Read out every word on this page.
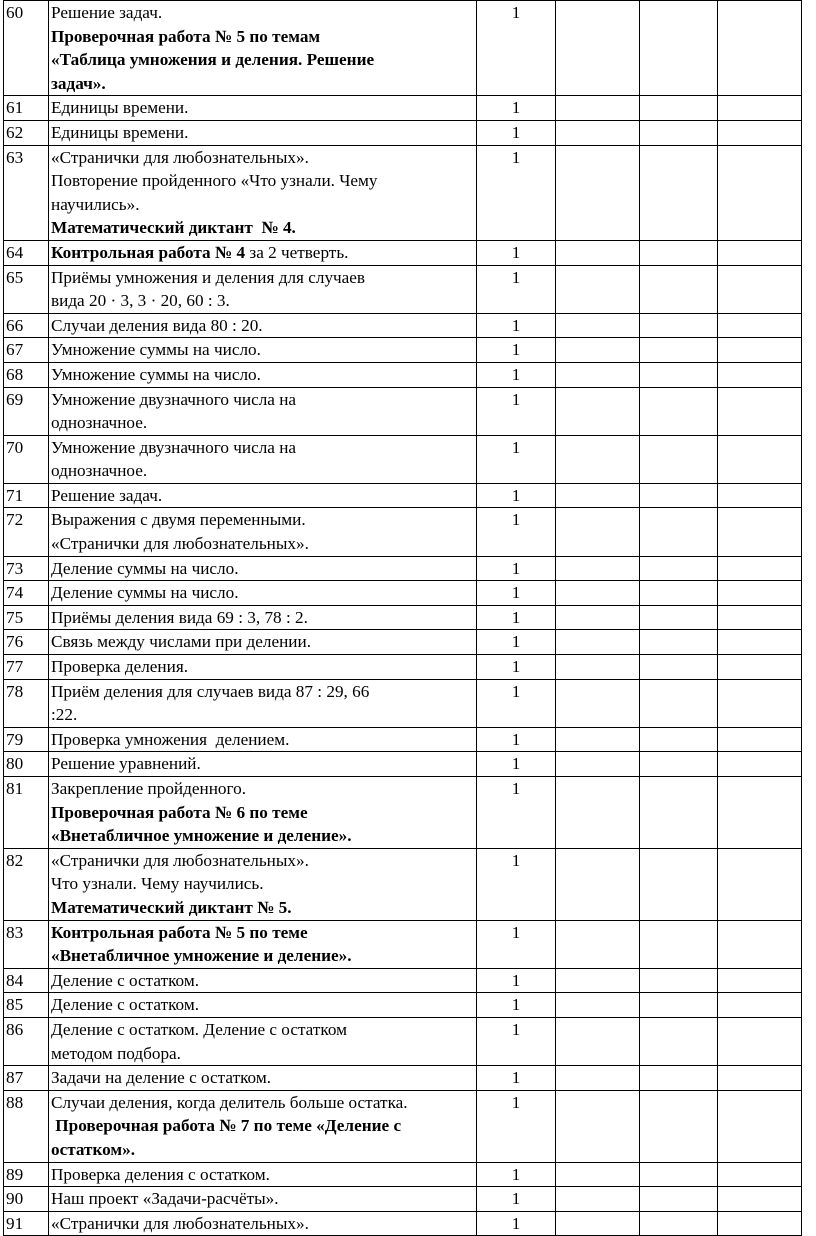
60	Решение задач.
Проверочная работа № 5 по темам
«Таблица умножения и деления. Решение
задач».	1			
61	Единицы времени.	1			
62	Единицы времени.	1			
63	«Странички для любознательных».
Повторение пройденного «Что узнали. Чему
научились».
Математический диктант  № 4.	1			
64	Контрольная работа № 4 за 2 четверть.	1			
65	Приёмы умножения и деления для случаев
вида 20 · 3, 3 · 20, 60 : 3.	1			
66	Случаи деления вида 80 : 20.	1			
67	Умножение суммы на число.	1			
68	Умножение суммы на число.	1			
69	Умножение двузначного числа на
однозначное.	1			
70	Умножение двузначного числа на
однозначное.	1			
71	Решение задач.	1			
72	Выражения с двумя переменными.
«Странички для любознательных».	1			
73	Деление суммы на число.	1			
74	Деление суммы на число.	1			
75	Приёмы деления вида 69 : 3, 78 : 2.	1			
76	Связь между числами при делении.	1			
77	Проверка деления.	1			
78	Приём деления для случаев вида 87 : 29, 66
:22.	1			
79	Проверка умножения  делением.	1			
80	Решение уравнений.	1			
81	Закрепление пройденного.
Проверочная работа № 6 по теме
«Внетабличное умножение и деление».	1			
82	«Странички для любознательных».
Что узнали. Чему научились.
Математический диктант № 5.	1			
83	Контрольная работа № 5 по теме
«Внетабличное умножение и деление».	1			
84	Деление с остатком.	1			
85	Деление с остатком.	1			
86	Деление с остатком. Деление с остатком
методом подбора.	1			
87	Задачи на деление с остатком.	1			
88	Случаи деления, когда делитель больше остатка.
Проверочная работа № 7 по теме «Деление с
остатком».	1			
89	Проверка деления с остатком.	1			
90	Наш проект «Задачи-расчёты».	1			
91	«Странички для любознательных».	1			
